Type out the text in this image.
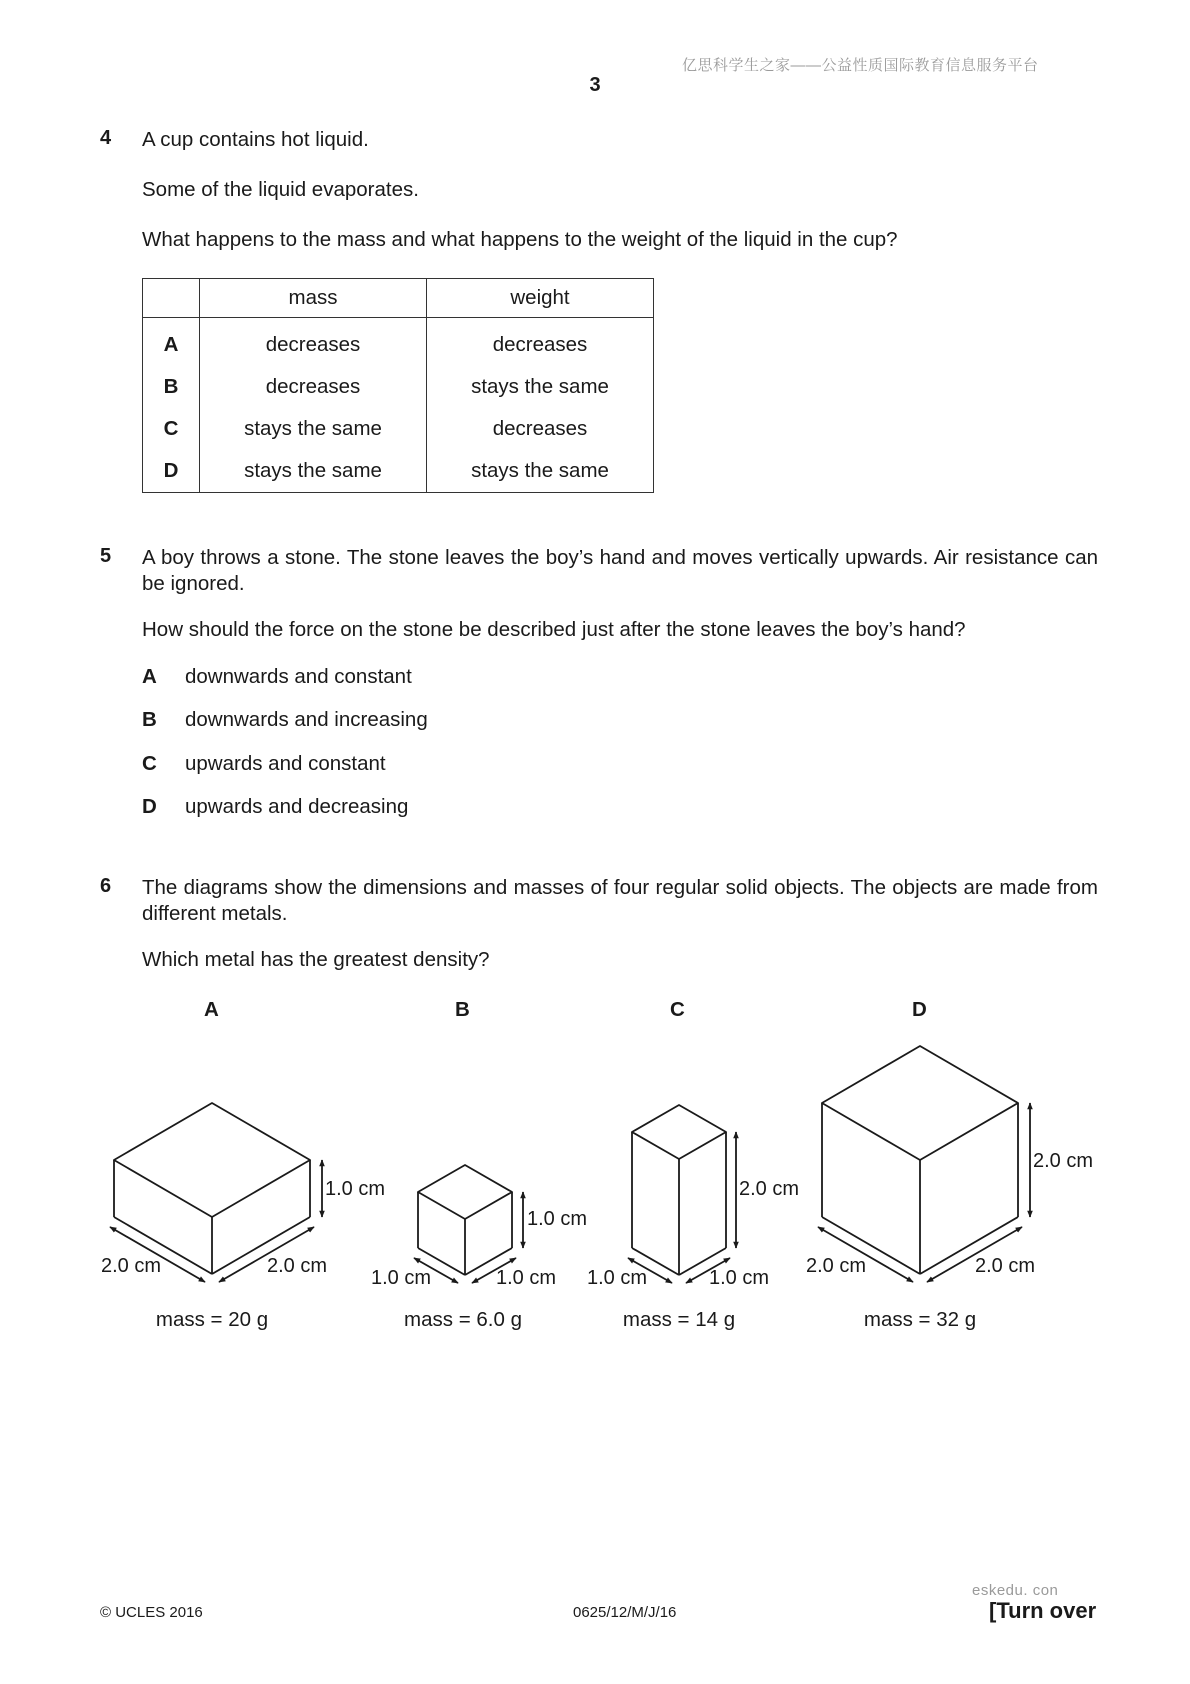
亿思科学生之家——公益性质国际教育信息服务平台
3
4 A cup contains hot liquid.
Some of the liquid evaporates.
What happens to the mass and what happens to the weight of the liquid in the cup?
	mass	weight
A	decreases	decreases
B	decreases	stays the same
C	stays the same	decreases
D	stays the same	stays the same
5 A boy throws a stone. The stone leaves the boy’s hand and moves vertically upwards. Air resistance can be ignored.
How should the force on the stone be described just after the stone leaves the boy’s hand?
A downwards and constant
B downwards and increasing
C upwards and constant
D upwards and decreasing
6 The diagrams show the dimensions and masses of four regular solid objects. The objects are made from different metals.
Which metal has the greatest density?
A	B	C	D
2.0 cm	2.0 cm
1.0 cm
1.0 cm	1.0 cm
1.0 cm
1.0 cm	1.0 cm
2.0 cm
2.0 cm	2.0 cm
2.0 cm
mass = 20 g	mass = 6.0 g	mass = 14 g	mass = 32 g
eskedu. con
© UCLES 2016	0625/12/M/J/16	[Turn over
